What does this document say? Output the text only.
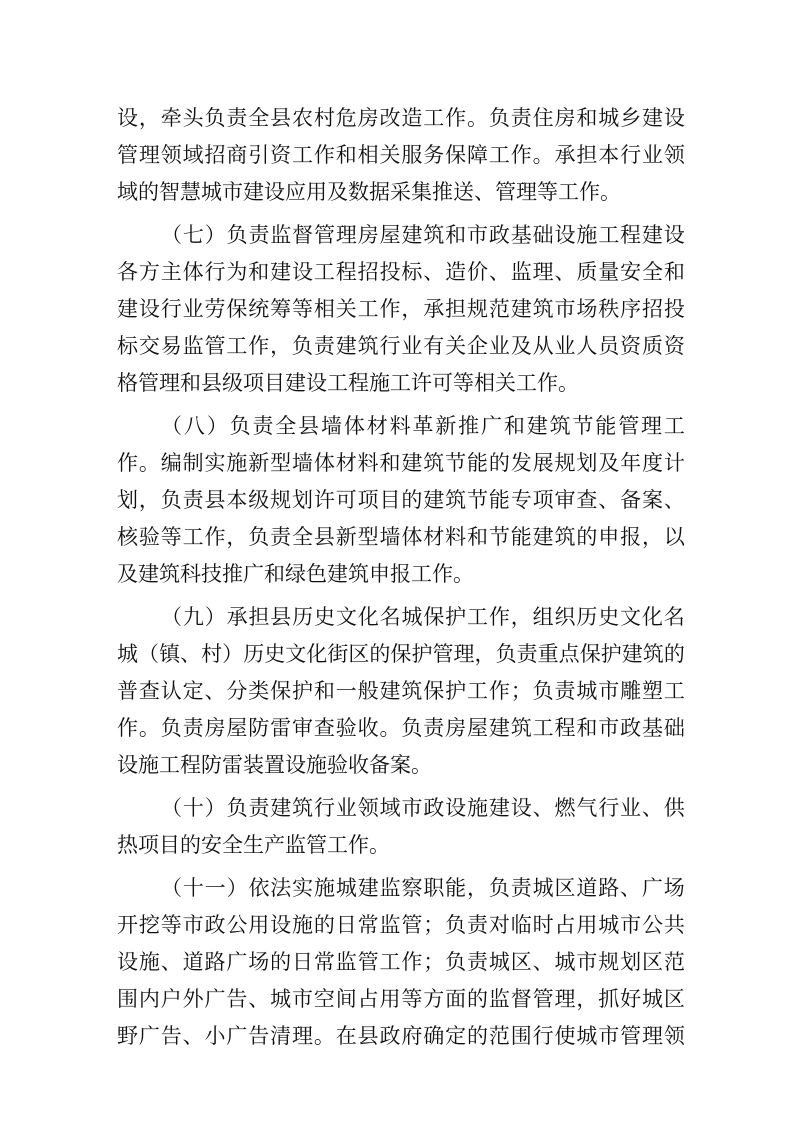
设 ， 牵 头 负 责 全 县 农 村 危 房 改 造 工 作 。 负 责 住 房 和 城 乡 建 设
管 理 领 域 招 商 引 资 工 作 和 相 关 服 务 保 障 工 作 。 承 担 本 行 业 领
域的智慧城市建设应用及数据采集推送、管理等工作。
（ 七 ） 负 责 监 督 管 理 房 屋 建 筑 和 市 政 基 础 设 施 工 程 建 设
各 方 主 体 行 为 和 建 设 工 程 招 投 标 、 造 价 、 监 理 、 质 量 安 全 和
建 设 行 业 劳 保 统 筹 等 相 关 工 作 ， 承 担 规 范 建 筑 市 场 秩 序 招 投
标 交 易 监 管 工 作 ， 负 责 建 筑 行 业 有 关 企 业 及 从 业 人 员 资 质 资
格管理和县级项目建设工程施工许可等相关工作。
（ 八 ） 负 责 全 县 墙 体 材 料 革 新 推 广 和 建 筑 节 能 管 理 工
作 。 编 制 实 施 新 型 墙 体 材 料 和 建 筑 节 能 的 发 展 规 划 及 年 度 计
划 ， 负 责 县 本 级 规 划 许 可 项 目 的 建 筑 节 能 专 项 审 查 、 备 案 、
核 验 等 工 作 ， 负 责 全 县 新 型 墙 体 材 料 和 节 能 建 筑 的 申 报 ， 以
及建筑科技推广和绿色建筑申报工作。
（ 九 ） 承 担 县 历 史 文 化 名 城 保 护 工 作 ， 组 织 历 史 文 化 名
城 （ 镇 、 村 ） 历 史 文 化 街 区 的 保 护 管 理 ， 负 责 重 点 保 护 建 筑 的
普 查 认 定 、 分 类 保 护 和 一 般 建 筑 保 护 工 作 ； 负 责 城 市 雕 塑 工
作 。 负 责 房 屋 防 雷 审 查 验 收 。 负 责 房 屋 建 筑 工 程 和 市 政 基 础
设施工程防雷装置设施验收备案。
（ 十 ） 负 责 建 筑 行 业 领 域 市 政 设 施 建 设 、 燃 气 行 业 、 供
热项目的安全生产监管工作。
（ 十 一 ） 依 法 实 施 城 建 监 察 职 能 ， 负 责 城 区 道 路 、 广 场
开 挖 等 市 政 公 用 设 施 的 日 常 监 管 ； 负 责 对 临 时 占 用 城 市 公 共
设 施 、 道 路 广 场 的 日 常 监 管 工 作 ； 负 责 城 区 、 城 市 规 划 区 范
围 内 户 外 广 告 、 城 市 空 间 占 用 等 方 面 的 监 督 管 理 ， 抓 好 城 区
野 广 告 、 小 广 告 清 理 。 在 县 政 府 确 定 的 范 围 行 使 城 市 管 理 领
